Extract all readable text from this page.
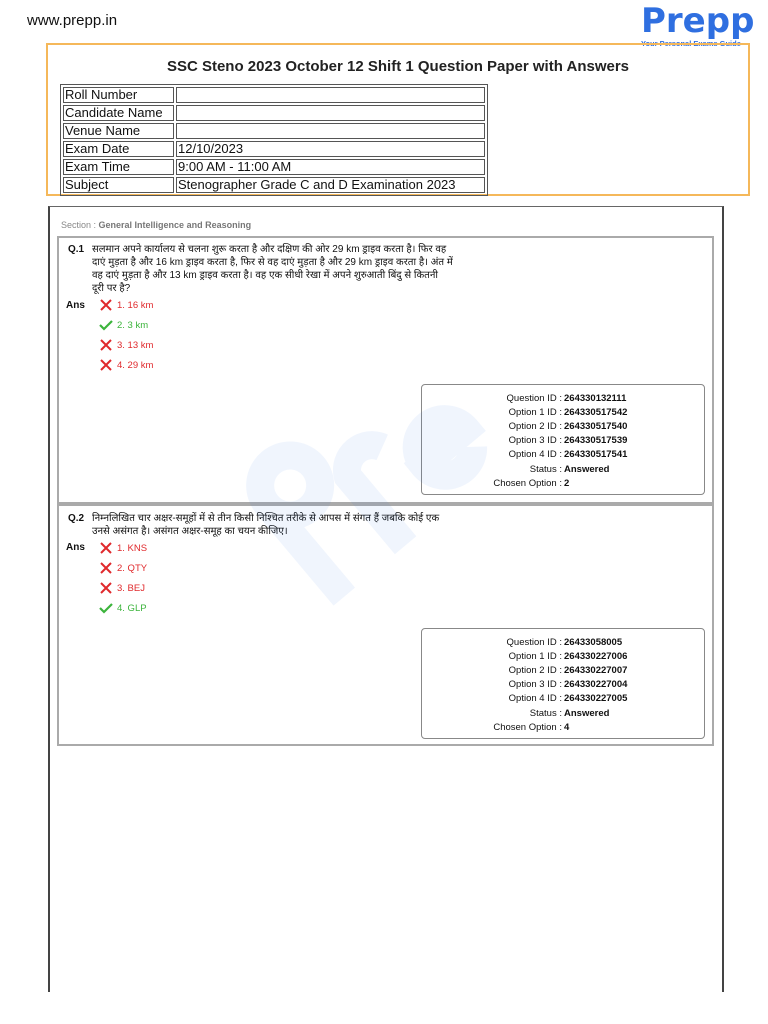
www.prepp.in	Prepp
Your Personal Exams Guide
SSC Steno 2023 October 12 Shift 1 Question Paper with Answers
Roll Number	
Candidate Name	
Venue Name	
Exam Date	12/10/2023
Exam Time	9:00 AM - 11:00 AM
Subject	Stenographer Grade C and D Examination 2023
Section : General Intelligence and Reasoning
Q.1 सलमान अपने कार्यालय से चलना शुरू करता है और दक्षिण की ओर 29 km ड्राइव करता है। फिर वह
दाएं मुड़ता है और 16 km ड्राइव करता है, फिर से वह दाएं मुड़ता है और 29 km ड्राइव करता है। अंत में
वह दाएं मुड़ता है और 13 km ड्राइव करता है। वह एक सीधी रेखा में अपने शुरुआती बिंदु से कितनी
दूरी पर है?
Ans	1. 16 km
2. 3 km
3. 13 km
4. 29 km
Question ID : 264330132111
Option 1 ID : 264330517542
Option 2 ID : 264330517540
Option 3 ID : 264330517539
Option 4 ID : 264330517541
Status : Answered
Chosen Option : 2
Q.2 निम्नलिखित चार अक्षर-समूहों में से तीन किसी निश्चित तरीके से आपस में संगत हैं जबकि कोई एक
उनसे असंगत है। असंगत अक्षर-समूह का चयन कीजिए।
Ans	1. KNS
2. QTY
3. BEJ
4. GLP
Question ID : 26433058005
Option 1 ID : 264330227006
Option 2 ID : 264330227007
Option 3 ID : 264330227004
Option 4 ID : 264330227005
Status : Answered
Chosen Option : 4
